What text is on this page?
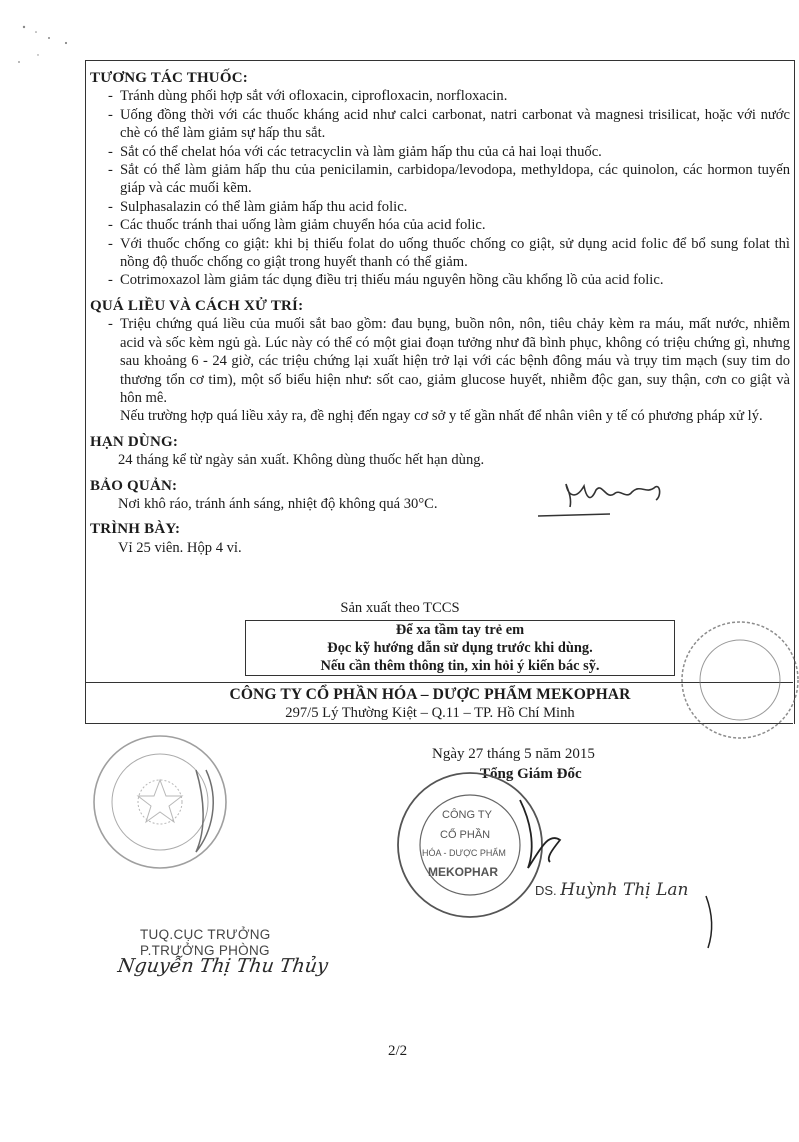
TƯƠNG TÁC THUỐC:
- Tránh dùng phối hợp sắt với ofloxacin, ciprofloxacin, norfloxacin.
- Uống đồng thời với các thuốc kháng acid như calci carbonat, natri carbonat và magnesi trisilicat, hoặc với nước chè có thể làm giảm sự hấp thu sắt.
- Sắt có thể chelat hóa với các tetracyclin và làm giảm hấp thu của cả hai loại thuốc.
- Sắt có thể làm giảm hấp thu của penicilamin, carbidopa/levodopa, methyldopa, các quinolon, các hormon tuyến giáp và các muối kẽm.
- Sulphasalazin có thể làm giảm hấp thu acid folic.
- Các thuốc tránh thai uống làm giảm chuyển hóa của acid folic.
- Với thuốc chống co giật: khi bị thiếu folat do uống thuốc chống co giật, sử dụng acid folic để bổ sung folat thì nồng độ thuốc chống co giật trong huyết thanh có thể giảm.
- Cotrimoxazol làm giảm tác dụng điều trị thiếu máu nguyên hồng cầu khổng lồ của acid folic.
QUÁ LIỀU VÀ CÁCH XỬ TRÍ:
- Triệu chứng quá liều của muối sắt bao gồm: đau bụng, buồn nôn, nôn, tiêu chảy kèm ra máu, mất nước, nhiễm acid và sốc kèm ngủ gà. Lúc này có thể có một giai đoạn tưởng như đã bình phục, không có triệu chứng gì, nhưng sau khoảng 6 - 24 giờ, các triệu chứng lại xuất hiện trở lại với các bệnh đông máu và trụy tim mạch (suy tim do thương tổn cơ tim), một số biểu hiện như: sốt cao, giảm glucose huyết, nhiễm độc gan, suy thận, cơn co giật và hôn mê.
Nếu trường hợp quá liều xảy ra, đề nghị đến ngay cơ sở y tế gần nhất để nhân viên y tế có phương pháp xử lý.
HẠN DÙNG:
24 tháng kể từ ngày sản xuất. Không dùng thuốc hết hạn dùng.
BẢO QUẢN:
Nơi khô ráo, tránh ánh sáng, nhiệt độ không quá 30°C.
TRÌNH BÀY:
Vỉ 25 viên. Hộp 4 vỉ.
Sản xuất theo TCCS
Để xa tầm tay trẻ em
Đọc kỹ hướng dẫn sử dụng trước khi dùng.
Nếu cần thêm thông tin, xin hỏi ý kiến bác sỹ.
CÔNG TY CỔ PHẦN HÓA – DƯỢC PHẨM MEKOPHAR
297/5 Lý Thường Kiệt – Q.11 – TP. Hồ Chí Minh
Ngày 27 tháng 5 năm 2015
Tổng Giám Đốc
DS. Huỳnh Thị Lan
TUQ.CỤC TRƯỞNG
P.TRƯỞNG PHÒNG
Nguyễn Thị Thu Thủy
2/2
CÔNG TY
CỔ PHẦN
HÓA - DƯỢC PHẨM
MEKOPHAR
